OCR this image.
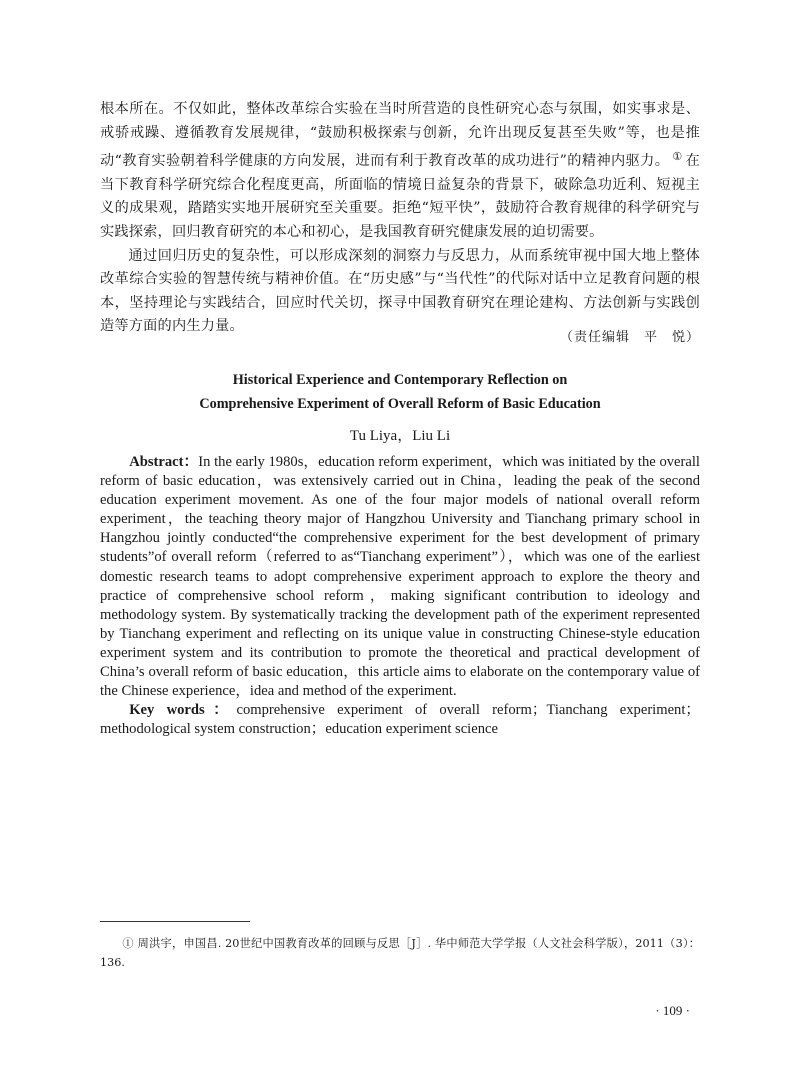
根本所在。不仅如此，整体改革综合实验在当时所营造的良性研究心态与氛围，如实事求是、戒骄戒躁、遵循教育发展规律，“鼓励积极探索与创新，允许出现反复甚至失败”等，也是推动“教育实验朝着科学健康的方向发展，进而有利于教育改革的成功进行”的精神内驱力。 ① 在当下教育科学研究综合化程度更高，所面临的情境日益复杂的背景下，破除急功近利、短视主义的成果观，踏踏实实地开展研究至关重要。拒绝“短平快”，鼓励符合教育规律的科学研究与实践探索，回归教育研究的本心和初心，是我国教育研究健康发展的迫切需要。

通过回归历史的复杂性，可以形成深刻的洞察力与反思力，从而系统审视中国大地上整体改革综合实验的智慧传统与精神价值。在“历史感”与“当代性”的代际对话中立足教育问题的根本，坚持理论与实践结合，回应时代关切，探寻中国教育研究在理论建构、方法创新与实践创造等方面的内生力量。

（责任编辑　平　悦）
Historical Experience and Contemporary Reflection on
Comprehensive Experiment of Overall Reform of Basic Education
Tu Liya，Liu Li

Abstract：In the early 1980s，education reform experiment，which was initiated by the overall reform of basic education，was extensively carried out in China，leading the peak of the second education experiment movement. As one of the four major models of national overall reform experiment，the teaching theory major of Hangzhou University and Tianchang primary school in Hangzhou jointly conducted“the comprehensive experiment for the best development of primary students”of overall reform（referred to as“Tianchang experiment”），which was one of the earliest domestic research teams to adopt comprehensive experiment approach to explore the theory and practice of comprehensive school reform，making significant contribution to ideology and methodology system. By systematically tracking the development path of the experiment represented by Tianchang experiment and reflecting on its unique value in constructing Chinese-style education experiment system and its contribution to promote the theoretical and practical development of China’s overall reform of basic education，this article aims to elaborate on the contemporary value of the Chinese experience，idea and method of the experiment.

Key words：comprehensive experiment of overall reform；Tianchang experiment；methodological system construction；education experiment science

① 周洪宇，申国昌. 20世纪中国教育改革的回顾与反思［J］. 华中师范大学学报（人文社会科学版），2011（3）：136.
· 109 ·
